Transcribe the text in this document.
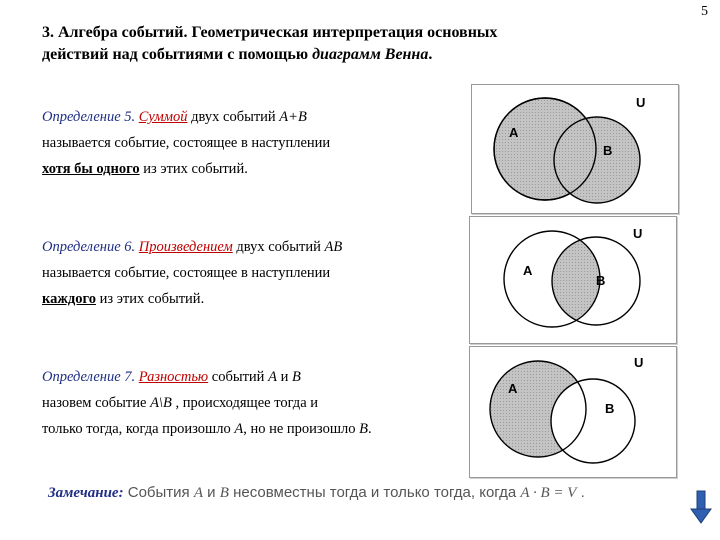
5
3. Алгебра событий. Геометрическая интерпретация основных
действий над событиями с помощью диаграмм Венна.
Определение 5. Суммой двух событий A+B
называется событие, состоящее в наступлении
хотя бы одного из этих событий.
Определение 6. Произведением двух событий AB
называется событие, состоящее в наступлении
каждого из этих событий.
Определение 7. Разностью событий A и B
назовем событие A\B , происходящее тогда и
только тогда, когда произошло A, но не произошло B.
U
A
B
U
A
B
U
A
B
Замечание: События A и B несовместны тогда и только тогда, когда A · B = V .
